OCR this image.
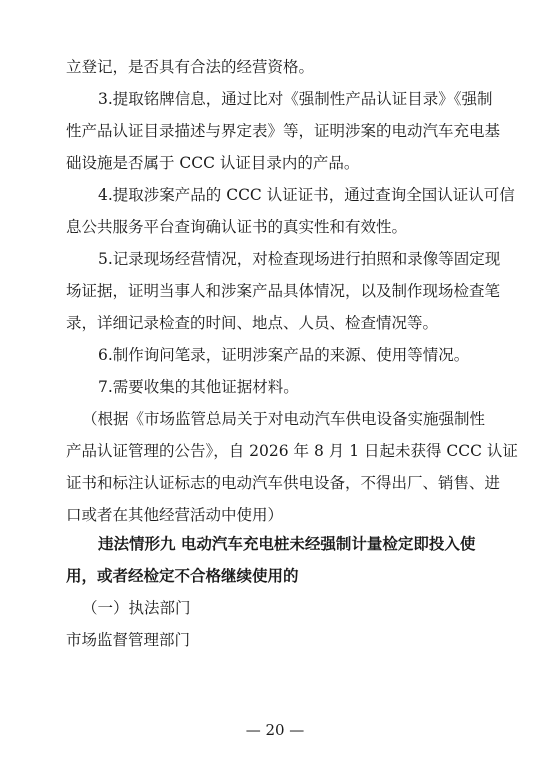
立登记，是否具有合法的经营资格。
3.提取铭牌信息，通过比对《强制性产品认证目录》《强制
性产品认证目录描述与界定表》等，证明涉案的电动汽车充电基
础设施是否属于 CCC 认证目录内的产品。
4.提取涉案产品的 CCC 认证证书，通过查询全国认证认可信
息公共服务平台查询确认证书的真实性和有效性。
5.记录现场经营情况，对检查现场进行拍照和录像等固定现
场证据，证明当事人和涉案产品具体情况，以及制作现场检查笔
录，详细记录检查的时间、地点、人员、检查情况等。
6.制作询问笔录，证明涉案产品的来源、使用等情况。
7.需要收集的其他证据材料。
（根据《市场监管总局关于对电动汽车供电设备实施强制性
产品认证管理的公告》，自 2026 年 8 月 1 日起未获得 CCC 认证
证书和标注认证标志的电动汽车供电设备，不得出厂、销售、进
口或者在其他经营活动中使用）
违法情形九 电动汽车充电桩未经强制计量检定即投入使
用，或者经检定不合格继续使用的
（一）执法部门
市场监督管理部门
— 20 —
